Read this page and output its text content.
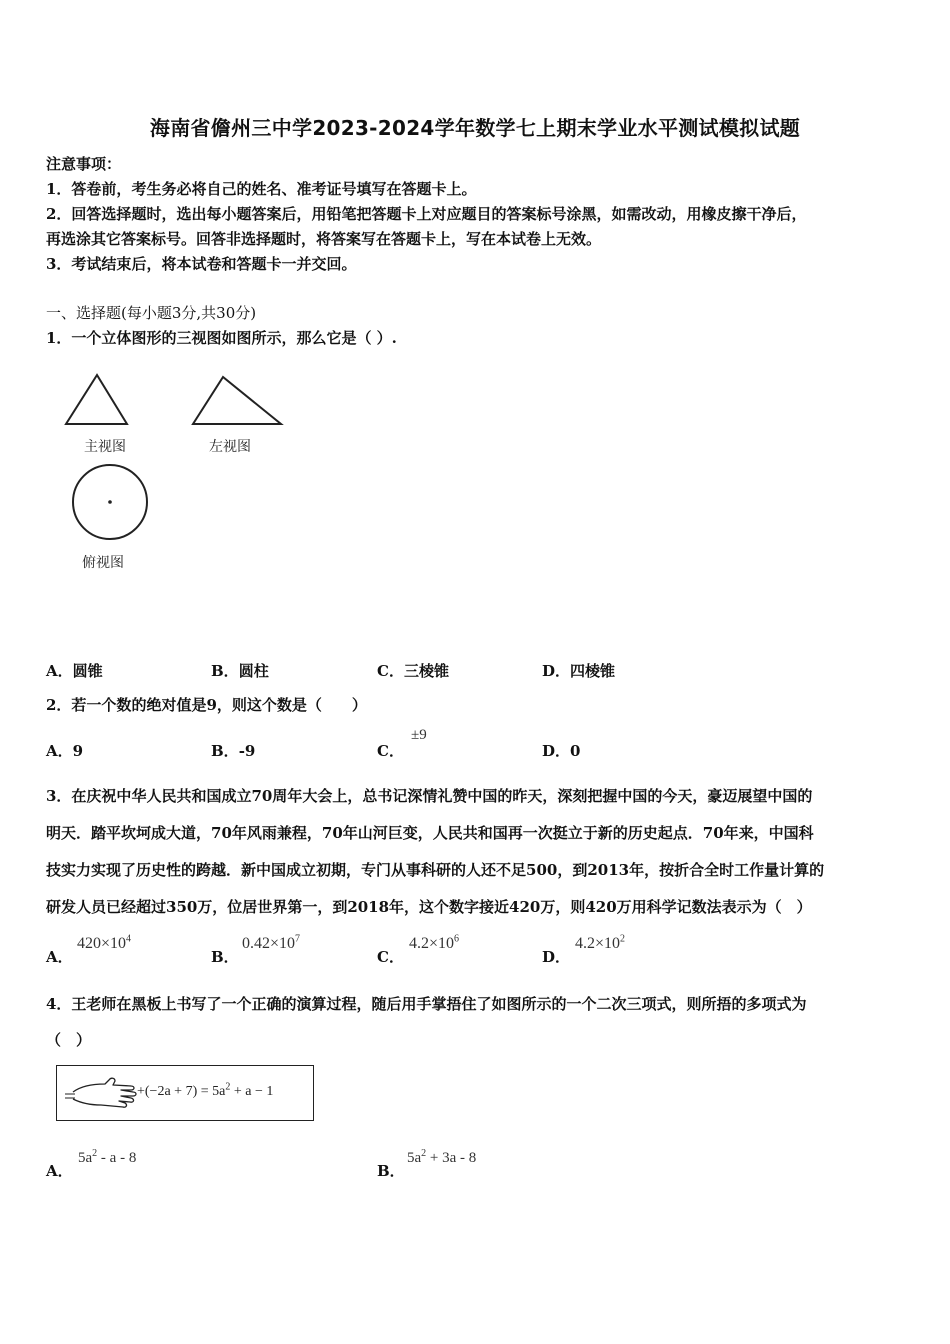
海南省儋州三中学2023-2024学年数学七上期末学业水平测试模拟试题
注意事项：
1．答卷前，考生务必将自己的姓名、准考证号填写在答题卡上。
2．回答选择题时，选出每小题答案后，用铅笔把答题卡上对应题目的答案标号涂黑，如需改动，用橡皮擦干净后，
再选涂其它答案标号。回答非选择题时，将答案写在答题卡上，写在本试卷上无效。
3．考试结束后，将本试卷和答题卡一并交回。
一、选择题(每小题3分,共30分)
1．一个立体图形的三视图如图所示，那么它是（ ）.
主视图	左视图
俯视图
A．圆锥	B．圆柱	C．三棱锥	D．四棱锥
2．若一个数的绝对值是9，则这个数是（　　）
A．9	B．-9	C．
±9
D．0
3．在庆祝中华人民共和国成立70周年大会上，总书记深情礼赞中国的昨天，深刻把握中国的今天，豪迈展望中国的
明天．踏平坎坷成大道，70年风雨兼程，70年山河巨变，人民共和国再一次挺立于新的历史起点．70年来，中国科
技实力实现了历史性的跨越．新中国成立初期，专门从事科研的人还不足500，到2013年，按折合全时工作量计算的
研发人员已经超过350万，位居世界第一，到2018年，这个数字接近420万，则420万用科学记数法表示为（　）
A．
$420\times 10^4$
B．
$0.42\times 10^7$
C．
$4.2\times 10^6$
D．
$4.2\times 10^2$
4．王老师在黑板上书写了一个正确的演算过程，随后用手掌捂住了如图所示的一个二次三项式，则所捂的多项式为
（　）
$+(-2a + 7) = 5a^2 + a - 1$
A．
$5a^2$ - a - 8
B．
$5a^2 + 3a - 8$
